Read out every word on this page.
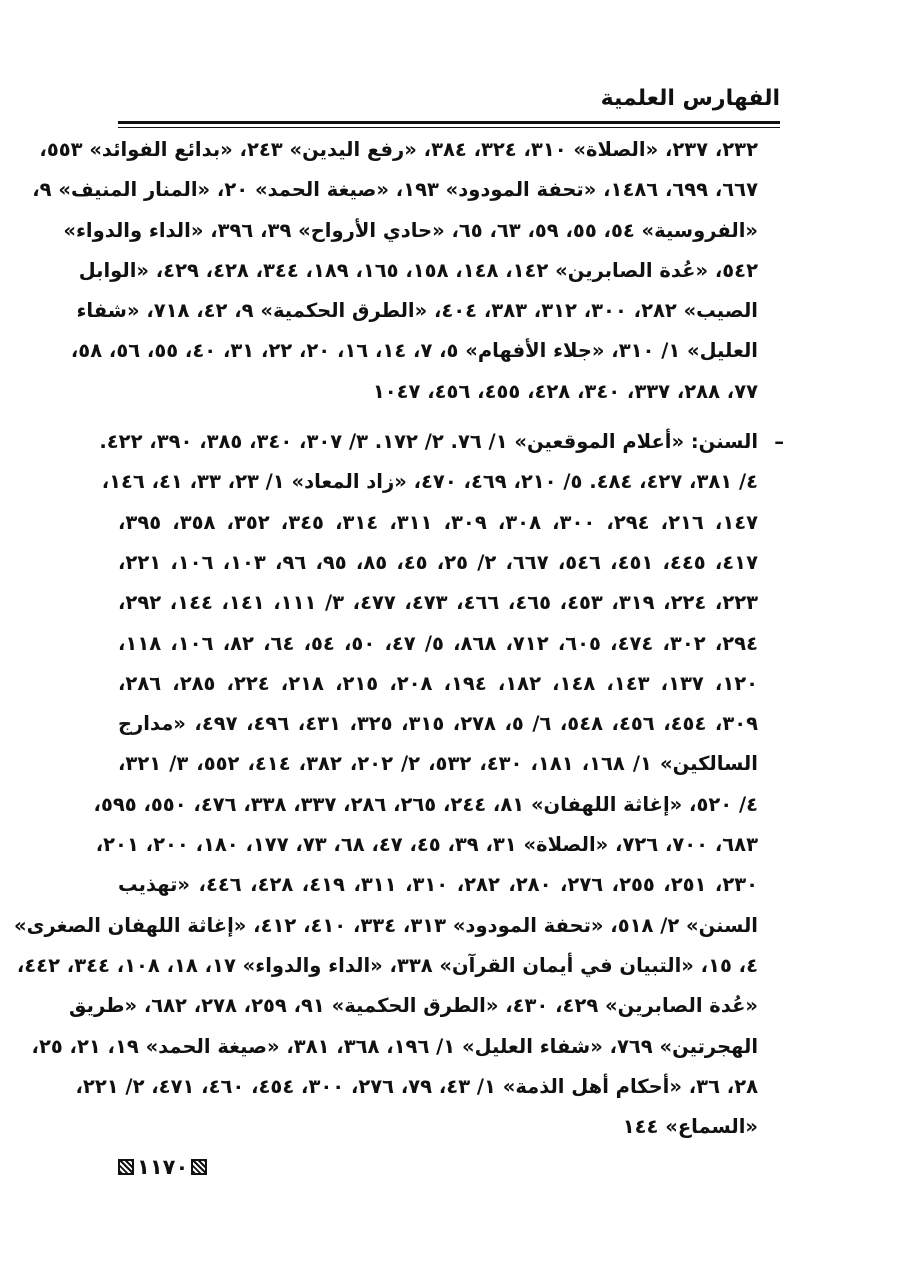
الفهارس العلمية
٢٣٢، ٢٣٧، «الصلاة» ٣١٠، ٣٢٤، ٣٨٤، «رفع اليدين» ٢٤٣، «بدائع الفوائد» ٥٥٣،
٦٦٧، ٦٩٩، ١٤٨٦، «تحفة المودود» ١٩٣، «صيغة الحمد» ٢٠، «المنار المنيف» ٩،
«الفروسية» ٥٤، ٥٥، ٥٩، ٦٣، ٦٥، «حادي الأرواح» ٣٩، ٣٩٦، «الداء والدواء»
٥٤٢، «عُدة الصابرين» ١٤٢، ١٤٨، ١٥٨، ١٦٥، ١٨٩، ٣٤٤، ٤٢٨، ٤٢٩، «الوابل
الصيب» ٢٨٢، ٣٠٠، ٣١٢، ٣٨٣، ٤٠٤، «الطرق الحكمية» ٩، ٤٢، ٧١٨، «شفاء
العليل» ١/ ٣١٠، «جلاء الأفهام» ٥، ٧، ١٤، ١٦، ٢٠، ٢٢، ٣١، ٤٠، ٥٥، ٥٦، ٥٨،
٧٧، ٢٨٨، ٣٣٧، ٣٤٠، ٤٢٨، ٤٥٥، ٤٥٦، ١٠٤٧
–
السنن: «أعلام الموقعين» ١/ ٧٦. ٢/ ١٧٢. ٣/ ٣٠٧، ٣٤٠، ٣٨٥، ٣٩٠، ٤٢٢.
٤/ ٣٨١، ٤٢٧، ٤٨٤. ٥/ ٢١٠، ٤٦٩، ٤٧٠، «زاد المعاد» ١/ ٢٣، ٣٣، ٤١، ١٤٦،
١٤٧، ٢١٦، ٢٩٤، ٣٠٠، ٣٠٨، ٣٠٩، ٣١١، ٣١٤، ٣٤٥، ٣٥٢، ٣٥٨، ٣٩٥،
٤١٧، ٤٤٥، ٤٥١، ٥٤٦، ٦٦٧، ٢/ ٢٥، ٤٥، ٨٥، ٩٥، ٩٦، ١٠٣، ١٠٦، ٢٢١،
٢٢٣، ٢٢٤، ٣١٩، ٤٥٣، ٤٦٥، ٤٦٦، ٤٧٣، ٤٧٧، ٣/ ١١١، ١٤١، ١٤٤، ٢٩٢،
٢٩٤، ٣٠٢، ٤٧٤، ٦٠٥، ٧١٢، ٨٦٨، ٥/ ٤٧، ٥٠، ٥٤، ٦٤، ٨٢، ١٠٦، ١١٨،
١٢٠، ١٣٧، ١٤٣، ١٤٨، ١٨٢، ١٩٤، ٢٠٨، ٢١٥، ٢١٨، ٢٢٤، ٢٨٥، ٢٨٦،
٣٠٩، ٤٥٤، ٤٥٦، ٥٤٨، ٦/ ٥، ٢٧٨، ٣١٥، ٣٢٥، ٤٣١، ٤٩٦، ٤٩٧، «مدارج
السالكين» ١/ ١٦٨، ١٨١، ٤٣٠، ٥٣٢، ٢/ ٢٠٢، ٣٨٢، ٤١٤، ٥٥٢، ٣/ ٣٢١،
٤/ ٥٢٠، «إغاثة اللهفان» ٨١، ٢٤٤، ٢٦٥، ٢٨٦، ٣٣٧، ٣٣٨، ٤٧٦، ٥٥٠، ٥٩٥،
٦٨٣، ٧٠٠، ٧٢٦، «الصلاة» ٣١، ٣٩، ٤٥، ٤٧، ٦٨، ٧٣، ١٧٧، ١٨٠، ٢٠٠، ٢٠١،
٢٣٠، ٢٥١، ٢٥٥، ٢٧٦، ٢٨٠، ٢٨٢، ٣١٠، ٣١١، ٤١٩، ٤٢٨، ٤٤٦، «تهذيب
السنن» ٢/ ٥١٨، «تحفة المودود» ٣١٣، ٣٣٤، ٤١٠، ٤١٢، «إغاثة اللهفان الصغرى»
٤، ١٥، «التبيان في أيمان القرآن» ٣٣٨، «الداء والدواء» ١٧، ١٨، ١٠٨، ٣٤٤، ٤٤٢،
«عُدة الصابرين» ٤٢٩، ٤٣٠، «الطرق الحكمية» ٩١، ٢٥٩، ٢٧٨، ٦٨٢، «طريق
الهجرتين» ٧٦٩، «شفاء العليل» ١/ ١٩٦، ٣٦٨، ٣٨١، «صيغة الحمد» ١٩، ٢١، ٢٥،
٢٨، ٣٦، «أحكام أهل الذمة» ١/ ٤٣، ٧٩، ٢٧٦، ٣٠٠، ٤٥٤، ٤٦٠، ٤٧١، ٢/ ٢٢١،
«السماع» ١٤٤
١١٧٠
